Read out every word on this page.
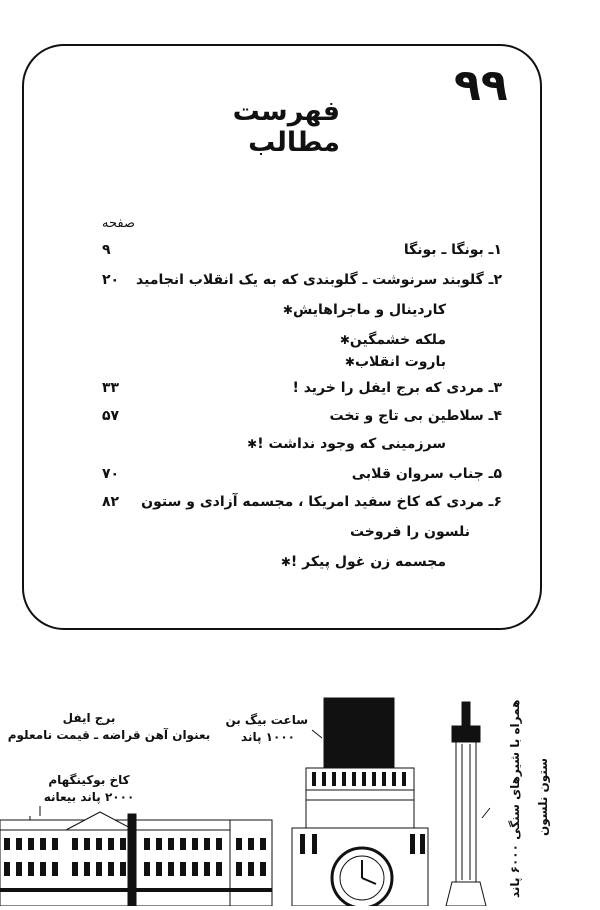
۹۹
فهرست مطالب
صفحه
۱ـ بونگا ـ بونگا
۹
۲ـ گلوبند سرنوشت ـ گلوبندی که به یک انقلاب انجامید
۲۰
کاردینال و ماجراهایش✱
ملکه خشمگین✱
باروت انقلاب✱
۳ـ مردی که برج ایفل را خرید !
۳۳
۴ـ سلاطین بی تاج و تخت
۵۷
سرزمینی که وجود نداشت !✱
۵ـ جناب سروان قلابی
۷۰
۶ـ مردی که کاخ سفید امریکا ، مجسمه آزادی و ستون
۸۲
نلسون را فروخت
مجسمه زن غول پیکر !✱
برج ایفل
بعنوان آهن قراضه ـ قیمت نامعلوم
کاخ بوکینگهام
۲۰۰۰ پاند بیعانه
ساعت بیگ بن
۱۰۰۰ پاند
ستون نلسون
همراه با شیرهای سنگی ۶۰۰۰ پاند
